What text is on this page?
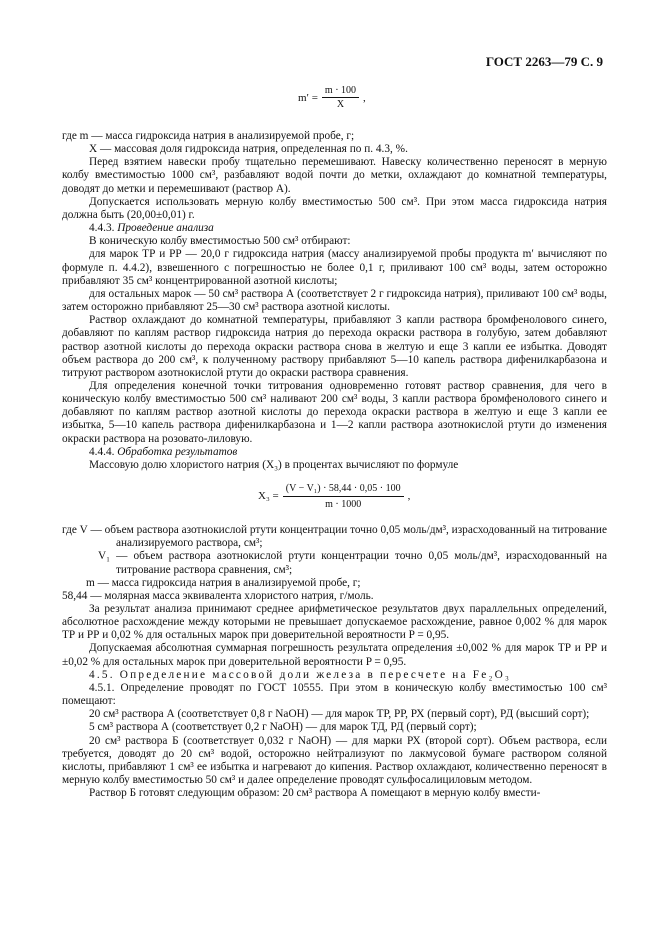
ГОСТ 2263—79 С. 9
$m' = \frac{m \cdot 100}{X}$ ,

где m — масса гидроксида натрия в анализируемой пробе, г;

X — массовая доля гидроксида натрия, определенная по п. 4.3, %.

Перед взятием навески пробу тщательно перемешивают. Навеску количественно переносят в мерную колбу вместимостью 1000 см³, разбавляют водой почти до метки, охлаждают до комнатной температуры, доводят до метки и перемешивают (раствор А).

Допускается использовать мерную колбу вместимостью 500 см³. При этом масса гидроксида натрия должна быть (20,00±0,01) г.

4.4.3. Проведение анализа

В коническую колбу вместимостью 500 см³ отбирают:

для марок ТР и РР — 20,0 г гидроксида натрия (массу анализируемой пробы продукта m′ вычисляют по формуле п. 4.4.2), взвешенного с погрешностью не более 0,1 г, приливают 100 см³ воды, затем осторожно прибавляют 35 см³ концентрированной азотной кислоты;

для остальных марок — 50 см³ раствора А (соответствует 2 г гидроксида натрия), приливают 100 см³ воды, затем осторожно прибавляют 25—30 см³ раствора азотной кислоты.

Раствор охлаждают до комнатной температуры, прибавляют 3 капли раствора бромфенолового синего, добавляют по каплям раствор гидроксида натрия до перехода окраски раствора в голубую, затем добавляют раствор азотной кислоты до перехода окраски раствора снова в желтую и еще 3 капли ее избытка. Доводят объем раствора до 200 см³, к полученному раствору прибавляют 5—10 капель раствора дифенилкарбазона и титруют раствором азотнокислой ртути до окраски раствора сравнения.

Для определения конечной точки титрования одновременно готовят раствор сравнения, для чего в коническую колбу вместимостью 500 см³ наливают 200 см³ воды, 3 капли раствора бромфенолового синего и добавляют по каплям раствор азотной кислоты до перехода окраски раствора в желтую и еще 3 капли ее избытка, 5—10 капель раствора дифенилкарбазона и 1—2 капли раствора азотнокислой ртути до изменения окраски раствора на розовато-лиловую.

4.4.4. Обработка результатов

Массовую долю хлористого натрия (X₃) в процентах вычисляют по формуле

$X_3 = \frac{\text{(V − V₁) · 58,44 · 0,05 · 100}}{m \cdot 1000}$ ,

где V — объем раствора азотнокислой ртути концентрации точно 0,05 моль/дм³, израсходованный на титрование анализируемого раствора, см³;

V₁ — объем раствора азотнокислой ртути концентрации точно 0,05 моль/дм³, израсходованный на титрование раствора сравнения, см³;

m — масса гидроксида натрия в анализируемой пробе, г;

58,44 — молярная масса эквивалента хлористого натрия, г/моль.

За результат анализа принимают среднее арифметическое результатов двух параллельных определений, абсолютное расхождение между которыми не превышает допускаемое расхождение, равное 0,002 % для марок ТР и РР и 0,02 % для остальных марок при доверительной вероятности P = 0,95.

Допускаемая абсолютная суммарная погрешность результата определения ±0,002 % для марок ТР и РР и ±0,02 % для остальных марок при доверительной вероятности P = 0,95.

4.5. Определение массовой доли железа в пересчете на Fe₂O₃

4.5.1. Определение проводят по ГОСТ 10555. При этом в коническую колбу вместимостью 100 см³ помещают:

20 см³ раствора А (соответствует 0,8 г NaOH) — для марок ТР, РР, РХ (первый сорт), РД (высший сорт);

5 см³ раствора А (соответствует 0,2 г NaOH) — для марок ТД, РД (первый сорт);

20 см³ раствора Б (соответствует 0,032 г NaOH) — для марки РХ (второй сорт). Объем раствора, если требуется, доводят до 20 см³ водой, осторожно нейтрализуют по лакмусовой бумаге раствором соляной кислоты, прибавляют 1 см³ ее избытка и нагревают до кипения. Раствор охлаждают, количественно переносят в мерную колбу вместимостью 50 см³ и далее определение проводят сульфосалициловым методом.

Раствор Б готовят следующим образом: 20 см³ раствора А помещают в мерную колбу вмести-
